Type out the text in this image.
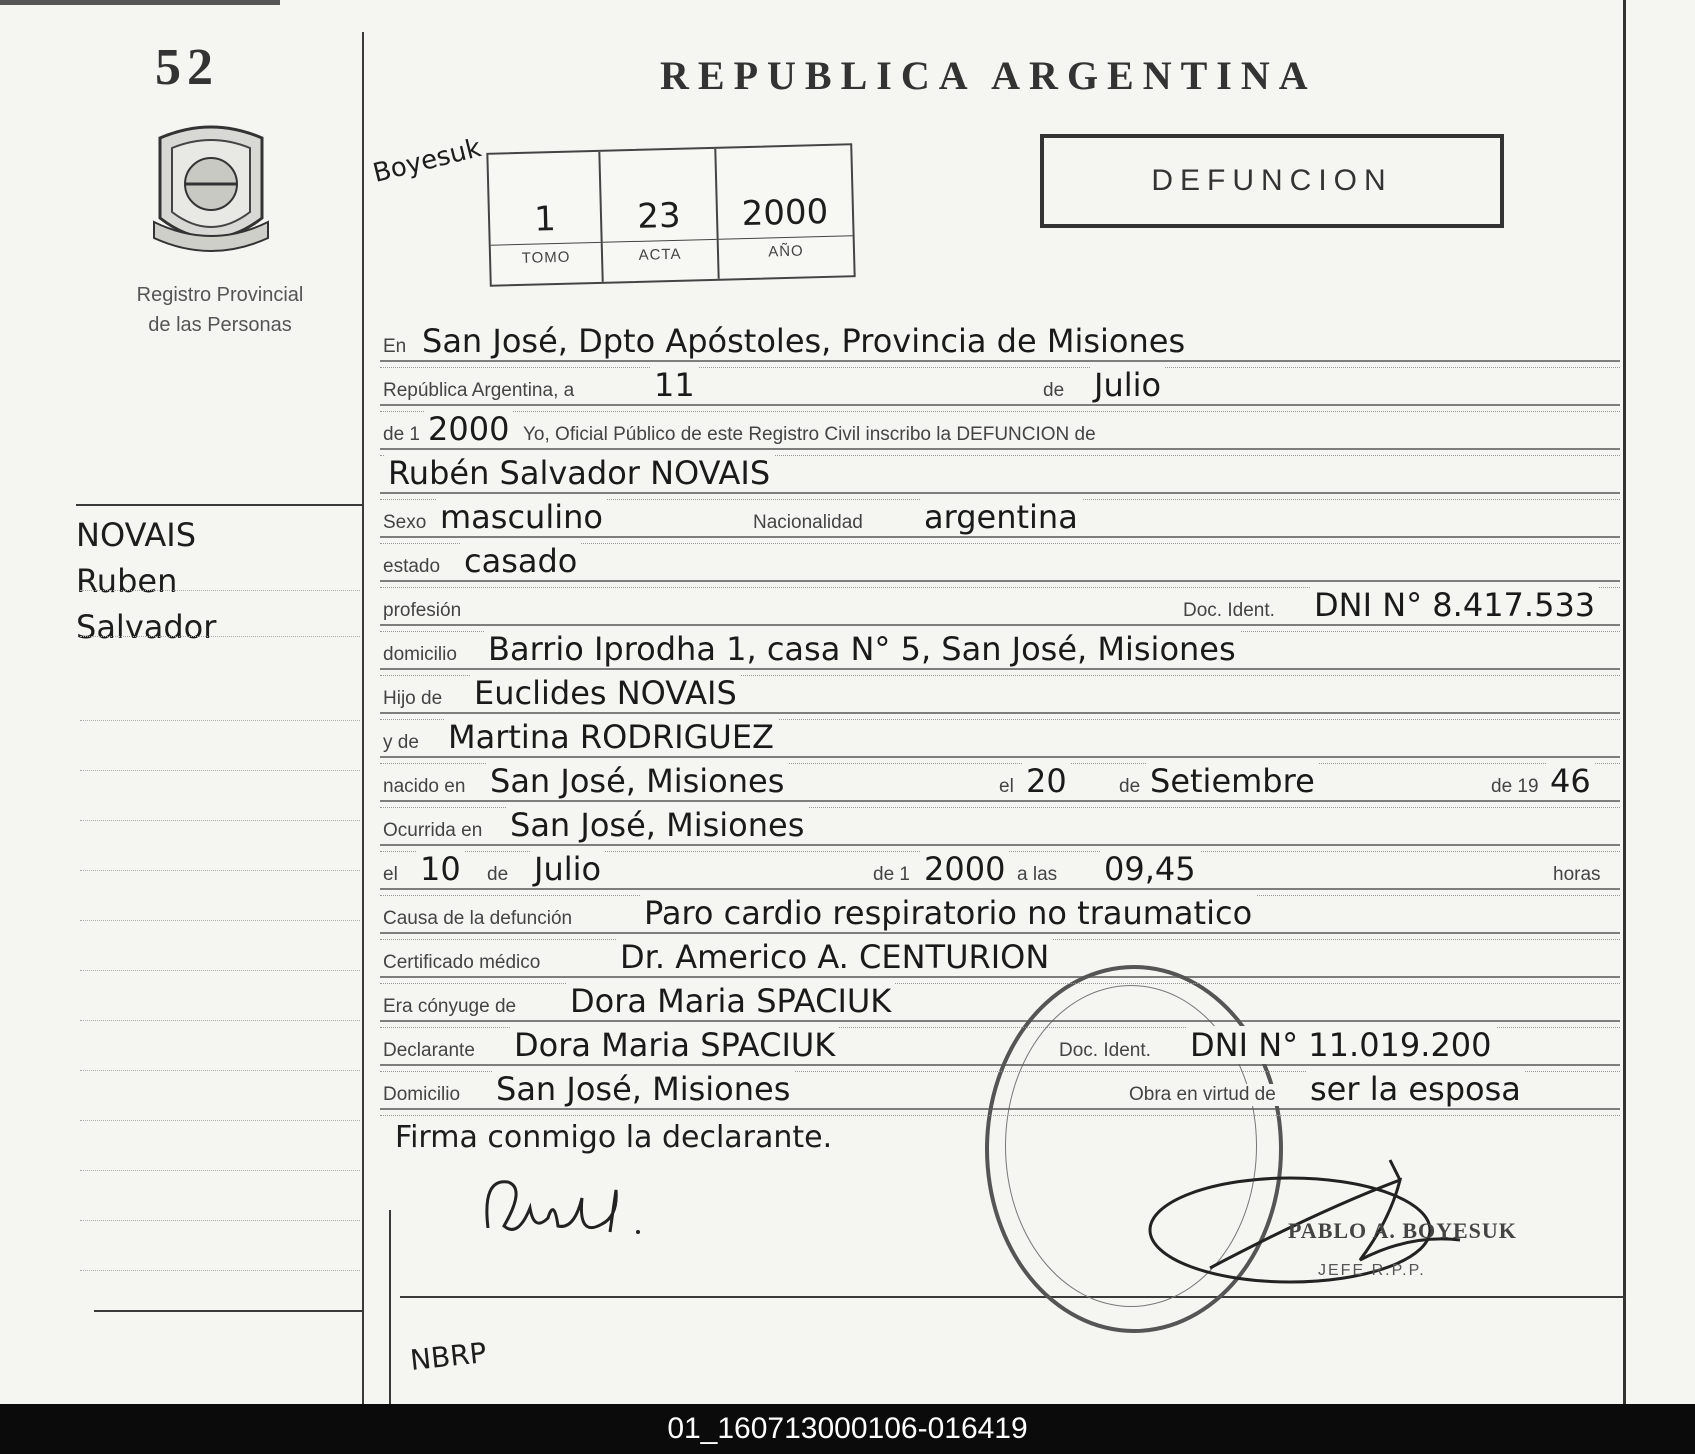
52
Registro Provincial
de las Personas
REPUBLICA ARGENTINA
DEFUNCION
Boyesuk
1
TOMO
23
ACTA
2000
AÑO
NOVAIS
Ruben
Salvador
En San José, Dpto Apóstoles, Provincia de Misiones
República Argentina, a 11	de Julio
de 1 2000 Yo, Oficial Público de este Registro Civil inscribo la DEFUNCION de
Rubén Salvador NOVAIS
Sexo masculino	Nacionalidad argentina
estado casado
profesión	Doc. Ident. DNI N° 8.417.533
domicilio Barrio Iprodha 1, casa N° 5, San José, Misiones
Hijo de Euclides NOVAIS
y de Martina RODRIGUEZ
nacido en San José, Misiones	el 20	de Setiembre	de 19 46
Ocurrida en San José, Misiones
el 10 de Julio	de 1 2000 a las 09,45	horas
Causa de la defunción Paro cardio respiratorio no traumatico
Certificado médico Dr. Americo A. CENTURION
Era cónyuge de Dora Maria SPACIUK
Declarante Dora Maria SPACIUK	Doc. Ident. DNI N° 11.019.200
Domicilio San José, Misiones	Obra en virtud de ser la esposa
Firma conmigo la declarante.
PABLO A. BOYESUK
JEFE R.P.P.
NBRP
01_160713000106-016419
